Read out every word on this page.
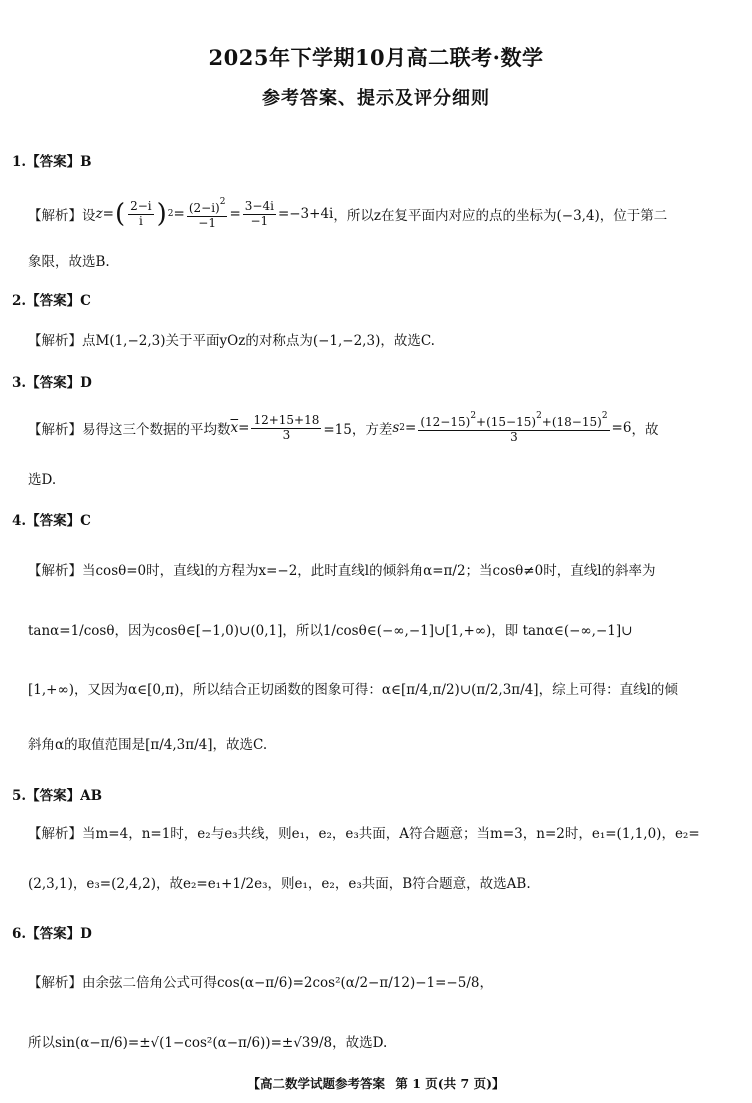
2025年下学期10月高二联考·数学
参考答案、提示及评分细则
1.【答案】B
【解析】设 z = ( $\frac{2-i}{i}$ ) $2 = \frac{(2-i)^2}{-1} = \frac{3-4i}{-1} =-3+4i$ ，所以z在复平面内对应的点的坐标为(−3,4)，位于第二
象限，故选B.
2.【答案】C
【解析】点M(1,−2,3)关于平面yOz的对称点为(−1,−2,3)，故选C.
3.【答案】D
【解析】易得这三个数据的平均数 $\overline{x} = \frac{12+15+18}{3} =15$，方差 s $2 = \frac{(12-15)^2+(15-15)^2+(18-15)^2}{3} =6$ ，故
选D.
4.【答案】C
【解析】当cosθ=0时，直线l的方程为x=−2，此时直线l的倾斜角α=π/2；当cosθ≠0时，直线l的斜率为
tanα=1/cosθ，因为cosθ∈[−1,0)∪(0,1]，所以1/cosθ∈(−∞,−1]∪[1,+∞)，即 tanα∈(−∞,−1]∪
[1,+∞)，又因为α∈[0,π)，所以结合正切函数的图象可得：α∈[π/4,π/2)∪(π/2,3π/4]，综上可得：直线l的倾
斜角α的取值范围是[π/4,3π/4]，故选C.
5.【答案】AB
【解析】当m=4，n=1时，e₂与e₃共线，则e₁，e₂，e₃共面，A符合题意；当m=3，n=2时，e₁=(1,1,0)，e₂=
(2,3,1)，e₃=(2,4,2)，故e₂=e₁+1/2e₃，则e₁，e₂，e₃共面，B符合题意，故选AB.
6.【答案】D
【解析】由余弦二倍角公式可得cos(α−π/6)=2cos²(α/2−π/12)−1=−5/8，
所以sin(α−π/6)=±√(1−cos²(α−π/6))=±√39/8，故选D.
【高二数学试题参考答案 第 1 页(共 7 页)】
